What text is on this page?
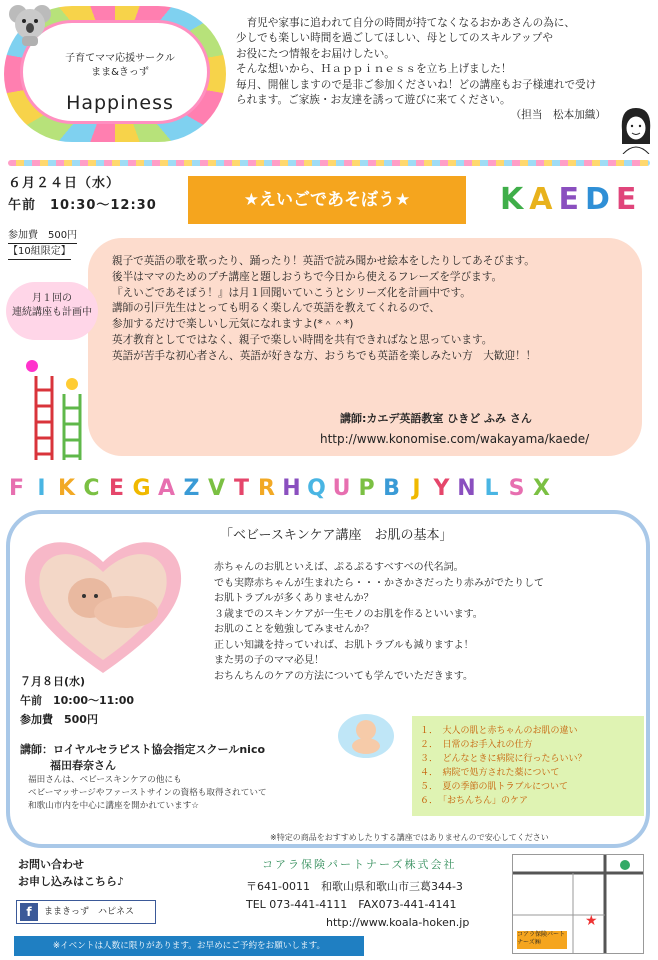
子育てママ応援サークル
まま&きっず
Happiness

育児や家事に追われて自分の時間が持てなくなるおかあさんの為に、

少しでも楽しい時間を過ごしてほしい、母としてのスキルアップや

お役にたつ情報をお届けしたい。

そんな想いから、Ｈａｐｐｉｎｅｓｓを立ち上げました！

毎月、開催しますので是非ご参加くださいね！どの講座もお子様連れで受け

られます。ご家族・お友達を誘って遊びに来てください。

（担当　松本加織）

６月２４日（水）
午前　10:30～12:30
参加費　500円
【10組限定】
★えいごであそぼう★	KAEDE
月１回の
連続講座も計画中

親子で英語の歌を歌ったり、踊ったり！英語で読み聞かせ絵本をしたりしてあそびます。

後半はママのためのプチ講座と題しおうちで今日から使えるフレーズを学びます。

『えいごであそぼう！』は月１回聞いていこうとシリーズ化を計画中です。

講師の引戸先生はとっても明るく楽しんで英語を教えてくれるので、

参加するだけで楽しいし元気になれますよ(*＾＾*)

英才教育としてではなく、親子で楽しい時間を共有できればなと思っています。

英語が苦手な初心者さん、英語が好きな方、おうちでも英語を楽しみたい方　大歓迎！！

講師:カエデ英語教室 ひきど ふみ さん
http://www.konomise.com/wakayama/kaede/
F I K C E G A Z V T R H Q U P B J Y N L S X
「ベビースキンケア講座　お肌の基本」

赤ちゃんのお肌といえば、ぷるぷるすべすべの代名詞。

でも実際赤ちゃんが生まれたら・・・かさかさだったり赤みがでたりして

お肌トラブルが多くありませんか？

３歳までのスキンケアが一生モノのお肌を作るといいます。

お肌のことを勉強してみませんか？

正しい知識を持っていれば、お肌トラブルも減りますよ！

また男の子のママ必見！

おちんちんのケアの方法についても学んでいただきます。

７月８日(水)
午前　10:00～11:00
参加費　500円
講師：ロイヤルセラピスト協会指定スクールnico
福田春奈さん
福田さんは、ベビースキンケアの他にも
ベビーマッサージやファーストサインの資格も取得されていて
和歌山市内を中心に講座を開かれています☆
１．　大人の肌と赤ちゃんのお肌の違い
２．　日常のお手入れの仕方
３．　どんなときに病院に行ったらいい？
４．　病院で処方された薬について
５．　夏の季節の肌トラブルについて
６．　「おちんちん」のケア
※特定の商品をおすすめしたりする講座ではありませんので安心してください
お問い合わせ
お申し込みはこちら♪
f ままきっず　ハピネス
コアラ保険パートナーズ株式会社
〒641-0011　和歌山県和歌山市三葛344-3
TEL 073-441-4111　FAX073-441-4141
http://www.koala-hoken.jp	★
コアラ保険パートナーズ㈱
※イベントは人数に限りがあります。お早めにご予約をお願いします。
